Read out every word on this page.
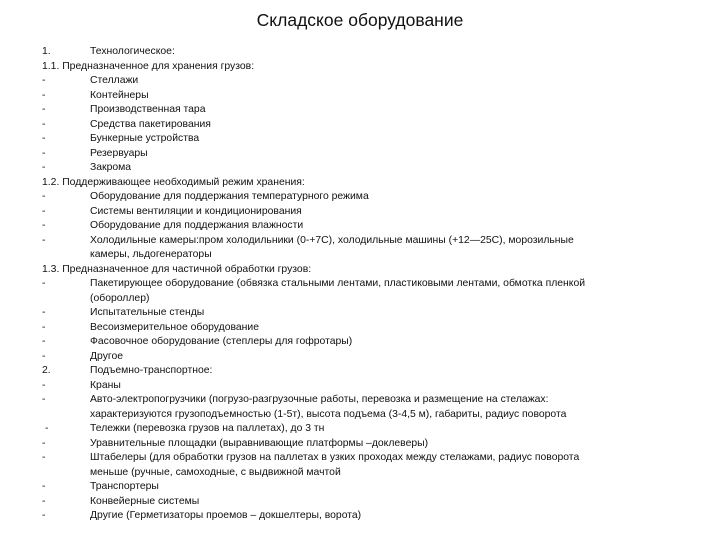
Складское оборудование
1.	Технологическое:
1.1. Предназначенное для хранения грузов:
-	Стеллажи
-	Контейнеры
-	Производственная тара
-	Средства пакетирования
-	Бункерные устройства
-	Резервуары
-	Закрома
1.2. Поддерживающее необходимый режим хранения:
-	Оборудование для поддержания температурного режима
-	Системы вентиляции и кондиционирования
-	Оборудование для поддержания влажности
-	Холодильные камеры:пром холодильники (0-+7С), холодильные машины (+12—25С), морозильные
камеры, льдогенераторы
1.3. Предназначенное для частичной обработки грузов:
-	Пакетирующее оборудование (обвязка стальными лентами, пластиковыми лентами, обмотка пленкой
(обороллер)
-	Испытательные стенды
-	Весоизмерительное оборудование
-	Фасовочное оборудование (степлеры для гофротары)
-	Другое
2.	Подъемно-транспортное:
-	Краны
-	Авто-электропогрузчики (погрузо-разгрузочные работы, перевозка и размещение на стелажах:
характеризуются грузоподъемностью (1-5т), высота подъема (3-4,5 м), габариты, радиус поворота
-	Тележки (перевозка грузов на паллетах), до 3 тн
-	Уравнительные площадки (выравнивающие платформы –доклеверы)
-	Штабелеры (для обработки грузов на паллетах в узких проходах между стелажами, радиус поворота
меньше (ручные, самоходные, с выдвижной мачтой
-	Транспортеры
-	Конвейерные системы
-	Другие (Герметизаторы проемов – докшелтеры, ворота)
